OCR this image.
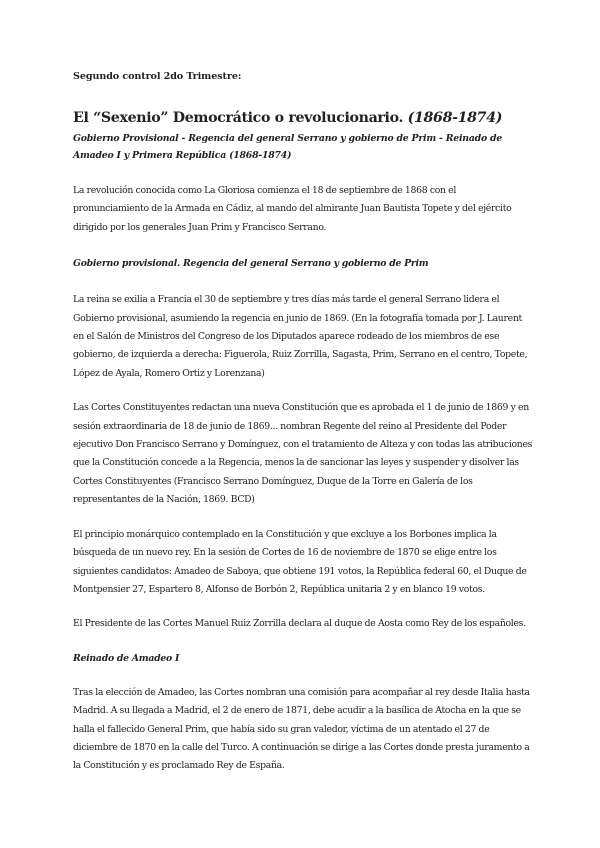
Segundo control 2do Trimestre:

El “Sexenio” Democrático o revolucionario. (1868-1874)

Gobierno Provisional - Regencia del general Serrano y gobierno de Prim - Reinado de Amadeo I y Primera República (1868-1874)

La revolución conocida como La Gloriosa comienza el 18 de septiembre de 1868 con el pronunciamiento de la Armada en Cádiz, al mando del almirante Juan Bautista Topete y del ejército dirigido por los generales Juan Prim y Francisco Serrano.

Gobierno provisional. Regencia del general Serrano y gobierno de Prim

La reina se exilia a Francia el 30 de septiembre y tres días más tarde el general Serrano lidera el Gobierno provisional, asumiendo la regencia en junio de 1869. (En la fotografía tomada por J. Laurent en el Salón de Ministros del Congreso de los Diputados aparece rodeado de los miembros de ese gobierno, de izquierda a derecha: Figuerola, Ruiz Zorrilla, Sagasta, Prim, Serrano en el centro, Topete, López de Ayala, Romero Ortiz y Lorenzana)

Las Cortes Constituyentes redactan una nueva Constitución que es aprobada el 1 de junio de 1869 y en sesión extraordinaria de 18 de junio de 1869... nombran Regente del reino al Presidente del Poder ejecutivo Don Francisco Serrano y Domínguez, con el tratamiento de Alteza y con todas las atribuciones que la Constitución concede a la Regencia, menos la de sancionar las leyes y suspender y disolver las Cortes Constituyentes (Francisco Serrano Domínguez, Duque de la Torre en Galería de los representantes de la Nación, 1869. BCD)

El principio monárquico contemplado en la Constitución y que excluye a los Borbones implica la búsqueda de un nuevo rey. En la sesión de Cortes de 16 de noviembre de 1870 se elige entre los siguientes candidatos: Amadeo de Saboya, que obtiene 191 votos, la República federal 60, el Duque de Montpensier 27, Espartero 8, Alfonso de Borbón 2, República unitaria 2 y en blanco 19 votos.

El Presidente de las Cortes Manuel Ruiz Zorrilla declara al duque de Aosta como Rey de los españoles.

Reinado de Amadeo I

Tras la elección de Amadeo, las Cortes nombran una comisión para acompañar al rey desde Italia hasta Madrid. A su llegada a Madrid, el 2 de enero de 1871, debe acudir a la basílica de Atocha en la que se halla el fallecido General Prim, que había sido su gran valedor, víctima de un atentado el 27 de diciembre de 1870 en la calle del Turco. A continuación se dirige a las Cortes donde presta juramento a la Constitución y es proclamado Rey de España.
